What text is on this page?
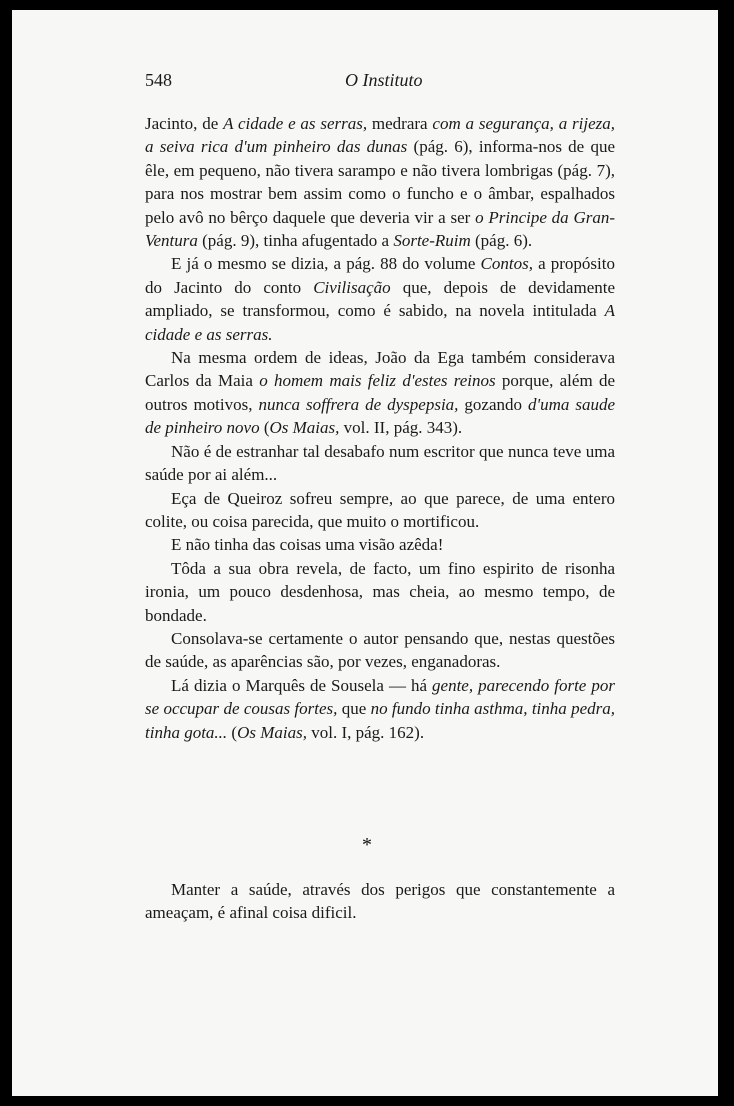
548	O Instituto

Jacinto, de A cidade e as serras, medrara com a segurança, a rijeza, a seiva rica d'um pinheiro das dunas (pág. 6), informa-nos de que êle, em pequeno, não tivera sarampo e não tivera lombrigas (pág. 7), para nos mostrar bem assim como o funcho e o âmbar, espalhados pelo avô no bêrço daquele que deveria vir a ser o Principe da Gran-Ventura (pág. 9), tinha afugentado a Sorte-Ruim (pág. 6).

E já o mesmo se dizia, a pág. 88 do volume Contos, a propósito do Jacinto do conto Civilisação que, depois de devidamente ampliado, se transformou, como é sabido, na novela intitulada A cidade e as serras.

Na mesma ordem de ideas, João da Ega também considerava Carlos da Maia o homem mais feliz d'estes reinos porque, além de outros motivos, nunca soffrera de dyspepsia, gozando d'uma saude de pinheiro novo (Os Maias, vol. II, pág. 343).

Não é de estranhar tal desabafo num escritor que nunca teve uma saúde por ai além...

Eça de Queiroz sofreu sempre, ao que parece, de uma entero colite, ou coisa parecida, que muito o mortificou.

E não tinha das coisas uma visão azêda!

Tôda a sua obra revela, de facto, um fino espirito de risonha ironia, um pouco desdenhosa, mas cheia, ao mesmo tempo, de bondade.

Consolava-se certamente o autor pensando que, nestas questões de saúde, as aparências são, por vezes, enganadoras.

Lá dizia o Marquês de Sousela — há gente, parecendo forte por se occupar de cousas fortes, que no fundo tinha asthma, tinha pedra, tinha gota... (Os Maias, vol. I, pág. 162).

*

Manter a saúde, através dos perigos que constantemente a ameaçam, é afinal coisa dificil.
